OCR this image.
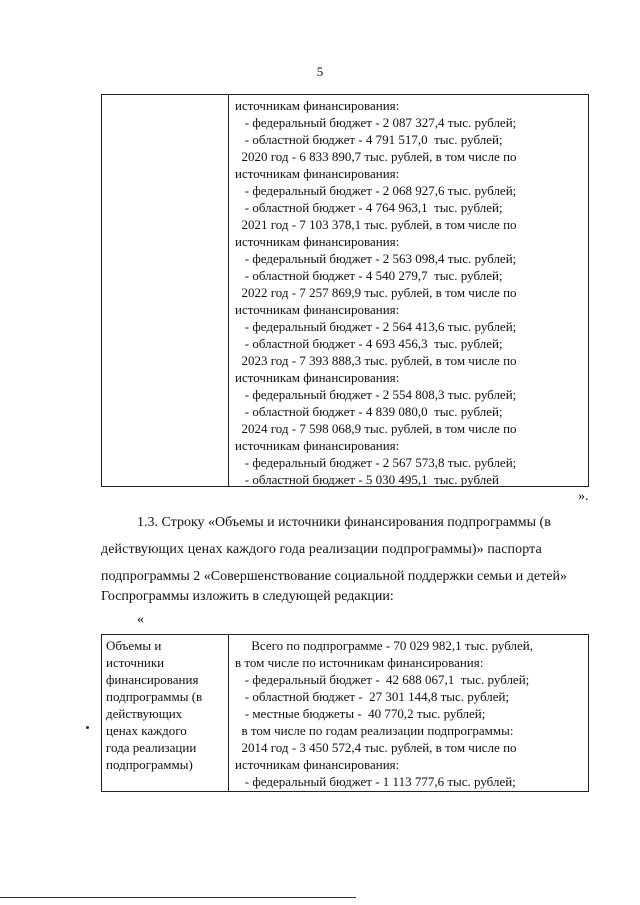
5
источникам финансирования:
- федеральный бюджет - 2 087 327,4 тыс. рублей;
- областной бюджет - 4 791 517,0  тыс. рублей;
2020 год - 6 833 890,7 тыс. рублей, в том числе по
источникам финансирования:
- федеральный бюджет - 2 068 927,6 тыс. рублей;
- областной бюджет - 4 764 963,1  тыс. рублей;
2021 год - 7 103 378,1 тыс. рублей, в том числе по
источникам финансирования:
- федеральный бюджет - 2 563 098,4 тыс. рублей;
- областной бюджет - 4 540 279,7  тыс. рублей;
2022 год - 7 257 869,9 тыс. рублей, в том числе по
источникам финансирования:
- федеральный бюджет - 2 564 413,6 тыс. рублей;
- областной бюджет - 4 693 456,3  тыс. рублей;
2023 год - 7 393 888,3 тыс. рублей, в том числе по
источникам финансирования:
- федеральный бюджет - 2 554 808,3 тыс. рублей;
- областной бюджет - 4 839 080,0  тыс. рублей;
2024 год - 7 598 068,9 тыс. рублей, в том числе по
источникам финансирования:
- федеральный бюджет - 2 567 573,8 тыс. рублей;
- областной бюджет - 5 030 495,1  тыс. рублей
».
1.3. Строку «Объемы и источники финансирования подпрограммы (в
действующих ценах каждого года реализации подпрограммы)» паспорта
подпрограммы 2 «Совершенствование социальной поддержки семьи и детей»
Госпрограммы изложить в следующей редакции:
«
Объемы и
источники
финансирования
подпрограммы (в
действующих
ценах каждого
года реализации
подпрограммы)
Всего по подпрограмме - 70 029 982,1 тыс. рублей,
в том числе по источникам финансирования:
- федеральный бюджет -  42 688 067,1  тыс. рублей;
- областной бюджет -  27 301 144,8 тыс. рублей;
- местные бюджеты -  40 770,2 тыс. рублей;
в том числе по годам реализации подпрограммы:
2014 год - 3 450 572,4 тыс. рублей, в том числе по
источникам финансирования:
- федеральный бюджет - 1 113 777,6 тыс. рублей;
